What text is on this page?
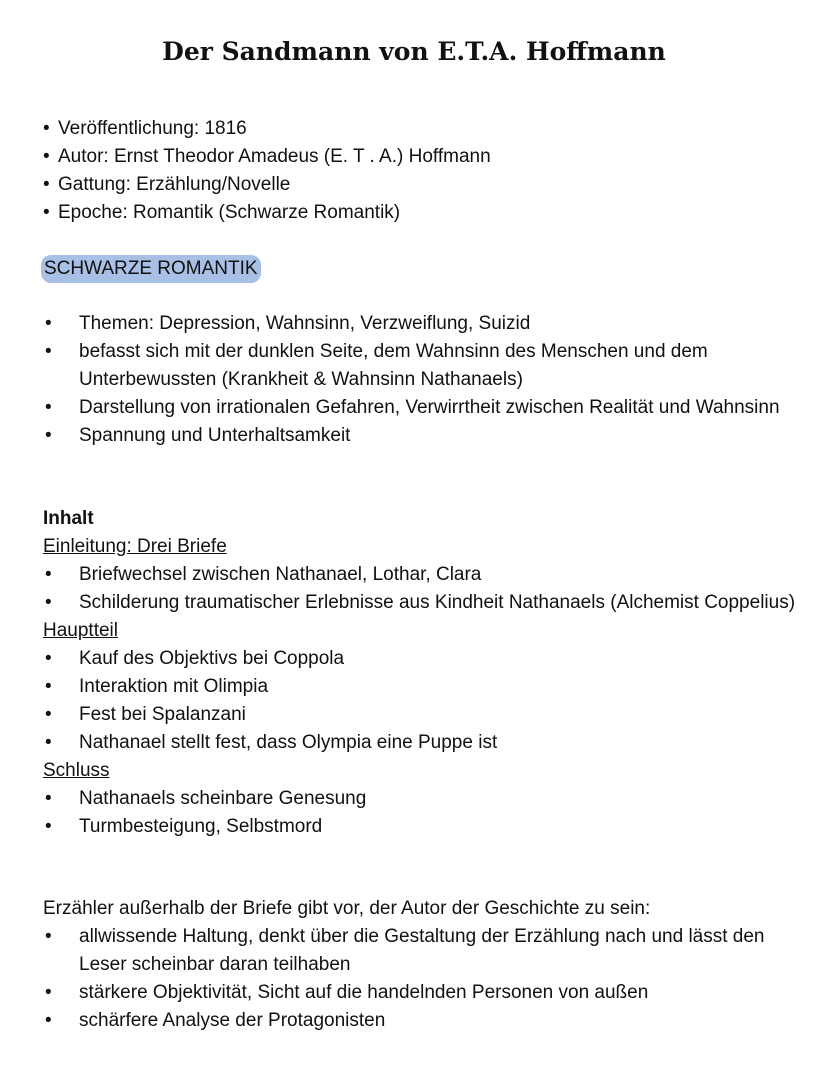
Der Sandmann von E.T.A. Hoffmann
• Veröffentlichung: 1816
• Autor: Ernst Theodor Amadeus (E. T . A.) Hoffmann
• Gattung: Erzählung/Novelle
• Epoche: Romantik (Schwarze Romantik)
SCHWARZE ROMANTIK
• Themen: Depression, Wahnsinn, Verzweiflung, Suizid
• befasst sich mit der dunklen Seite, dem Wahnsinn des Menschen und dem Unterbewussten (Krankheit & Wahnsinn Nathanaels)
• Darstellung von irrationalen Gefahren, Verwirrtheit zwischen Realität und Wahnsinn
• Spannung und Unterhaltsamkeit
Inhalt
Einleitung: Drei Briefe
• Briefwechsel zwischen Nathanael, Lothar, Clara
• Schilderung traumatischer Erlebnisse aus Kindheit Nathanaels (Alchemist Coppelius)
Hauptteil
• Kauf des Objektivs bei Coppola
• Interaktion mit Olimpia
• Fest bei Spalanzani
• Nathanael stellt fest, dass Olympia eine Puppe ist
Schluss
• Nathanaels scheinbare Genesung
• Turmbesteigung, Selbstmord
Erzähler außerhalb der Briefe gibt vor, der Autor der Geschichte zu sein:
• allwissende Haltung, denkt über die Gestaltung der Erzählung nach und lässt den Leser scheinbar daran teilhaben
• stärkere Objektivität, Sicht auf die handelnden Personen von außen
• schärfere Analyse der Protagonisten
